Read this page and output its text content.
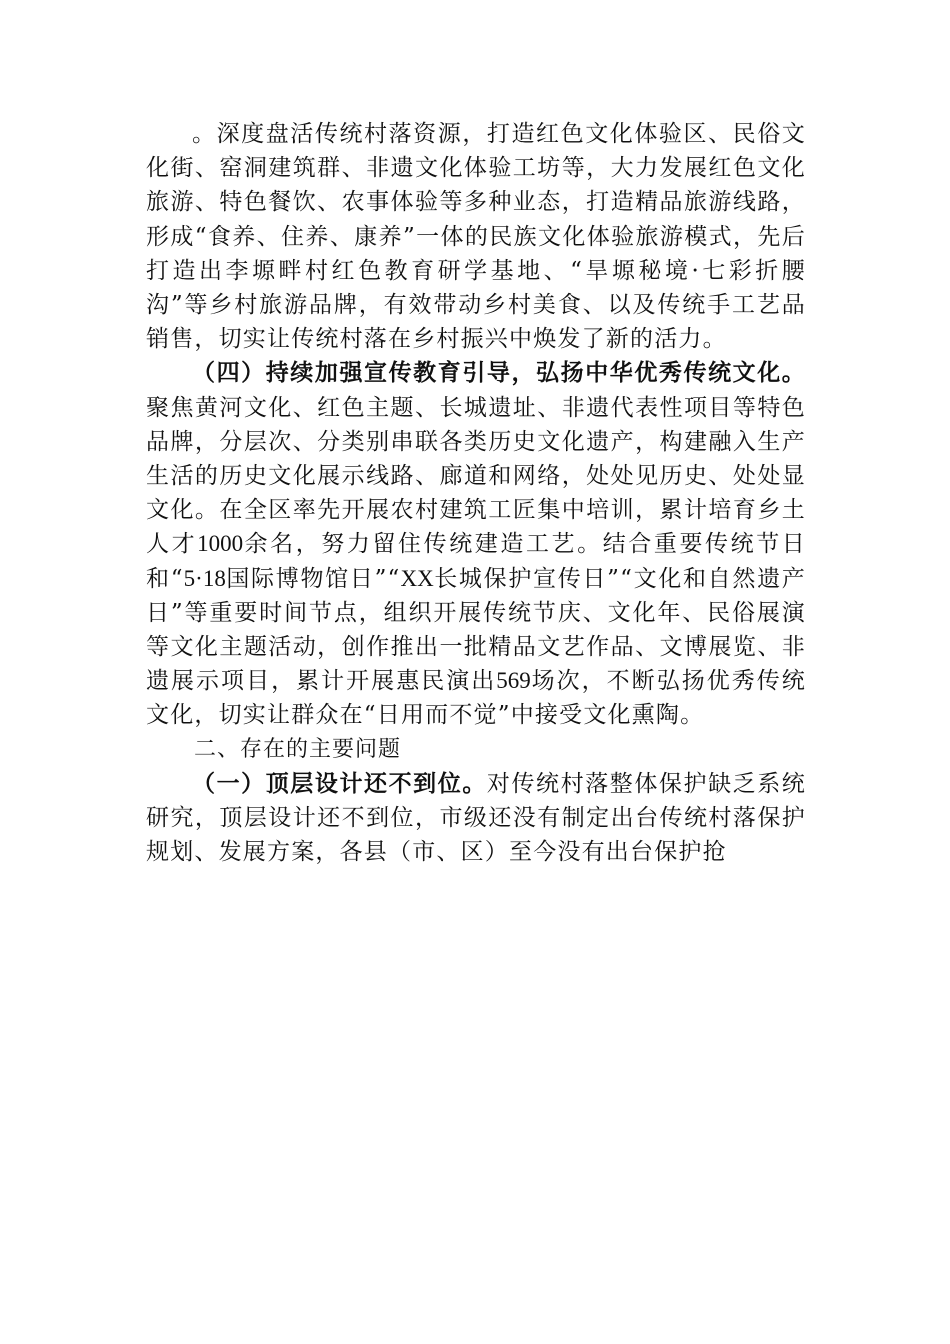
。深度盘活传统村落资源，打造红色文化体验区、民俗文化街、窑洞建筑群、非遗文化体验工坊等，大力发展红色文化旅游、特色餐饮、农事体验等多种业态，打造精品旅游线路，形成“食养、住养、康养”一体的民族文化体验旅游模式，先后打造出李塬畔村红色教育研学基地、“旱塬秘境·七彩折腰沟”等乡村旅游品牌，有效带动乡村美食、以及传统手工艺品销售，切实让传统村落在乡村振兴中焕发了新的活力。

（四）持续加强宣传教育引导，弘扬中华优秀传统文化。聚焦黄河文化、红色主题、长城遗址、非遗代表性项目等特色品牌，分层次、分类别串联各类历史文化遗产，构建融入生产生活的历史文化展示线路、廊道和网络，处处见历史、处处显文化。在全区率先开展农村建筑工匠集中培训，累计培育乡土人才1000余名，努力留住传统建造工艺。结合重要传统节日和“5·18国际博物馆日”“XX长城保护宣传日”“文化和自然遗产日”等重要时间节点，组织开展传统节庆、文化年、民俗展演等文化主题活动，创作推出一批精品文艺作品、文博展览、非遗展示项目，累计开展惠民演出569场次，不断弘扬优秀传统文化，切实让群众在“日用而不觉”中接受文化熏陶。

二、存在的主要问题

（一）顶层设计还不到位。对传统村落整体保护缺乏系统研究，顶层设计还不到位，市级还没有制定出台传统村落保护规划、发展方案，各县（市、区）至今没有出台保护抢
